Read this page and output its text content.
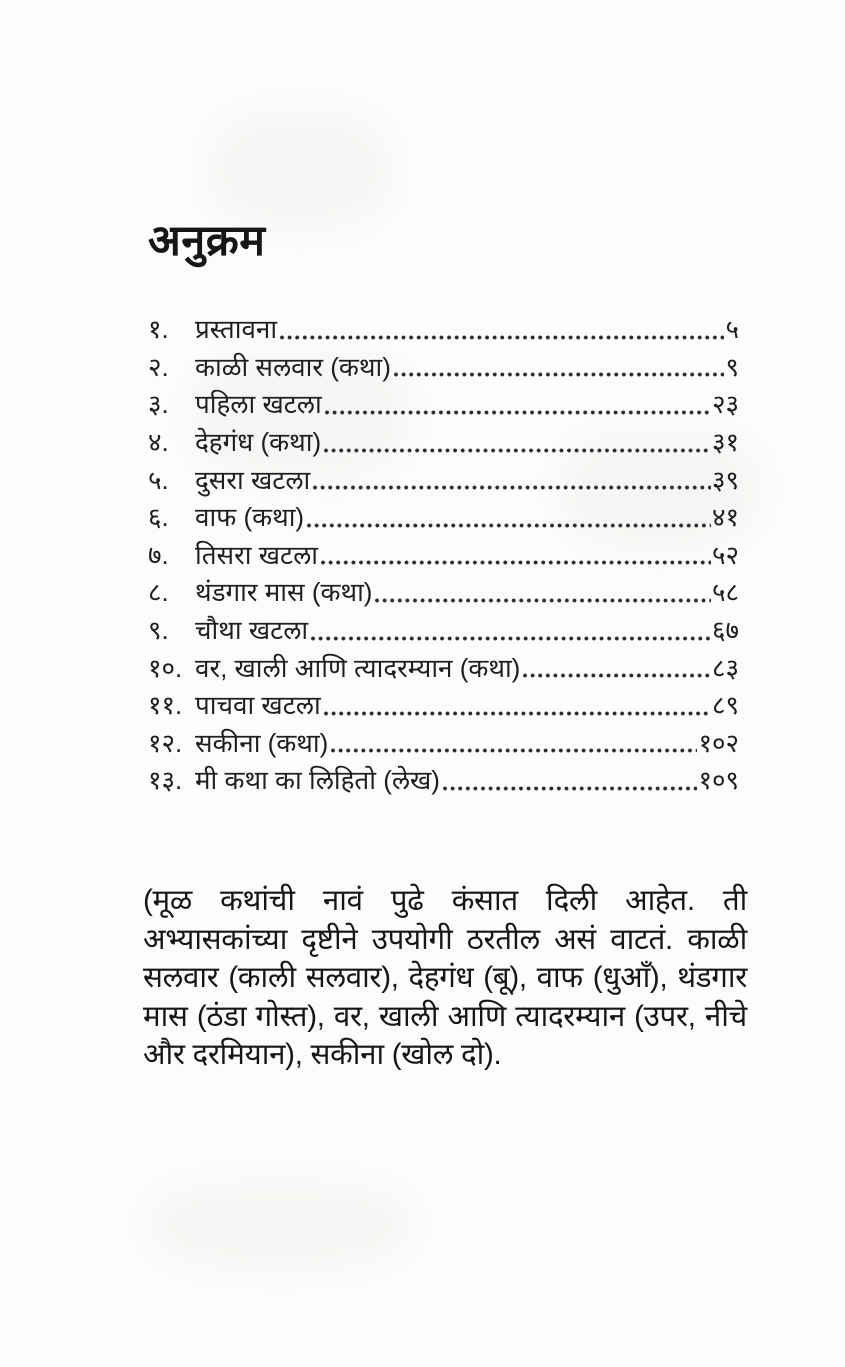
अनुक्रम
१.	प्रस्तावना	५
२.	काळी सलवार (कथा)	९
३.	पहिला खटला	२३
४.	देहगंध (कथा)	३१
५.	दुसरा खटला	३९
६.	वाफ (कथा)	४१
७.	तिसरा खटला	५२
८.	थंडगार मास (कथा)	५८
९.	चौथा खटला	६७
१०. वर, खाली आणि त्यादरम्यान (कथा)	८३
११. पाचवा खटला	८९
१२. सकीना (कथा)	१०२
१३. मी कथा का लिहितो (लेख)	१०९

(मूळ कथांची नावं पुढे कंसात दिली आहेत. ती अभ्यासकांच्या दृष्टीने उपयोगी ठरतील असं वाटतं. काळी सलवार (काली सलवार), देहगंध (बू), वाफ (धुआँ), थंडगार मास (ठंडा गोस्त), वर, खाली आणि त्यादरम्यान (उपर, नीचे और दरमियान), सकीना (खोल दो).
